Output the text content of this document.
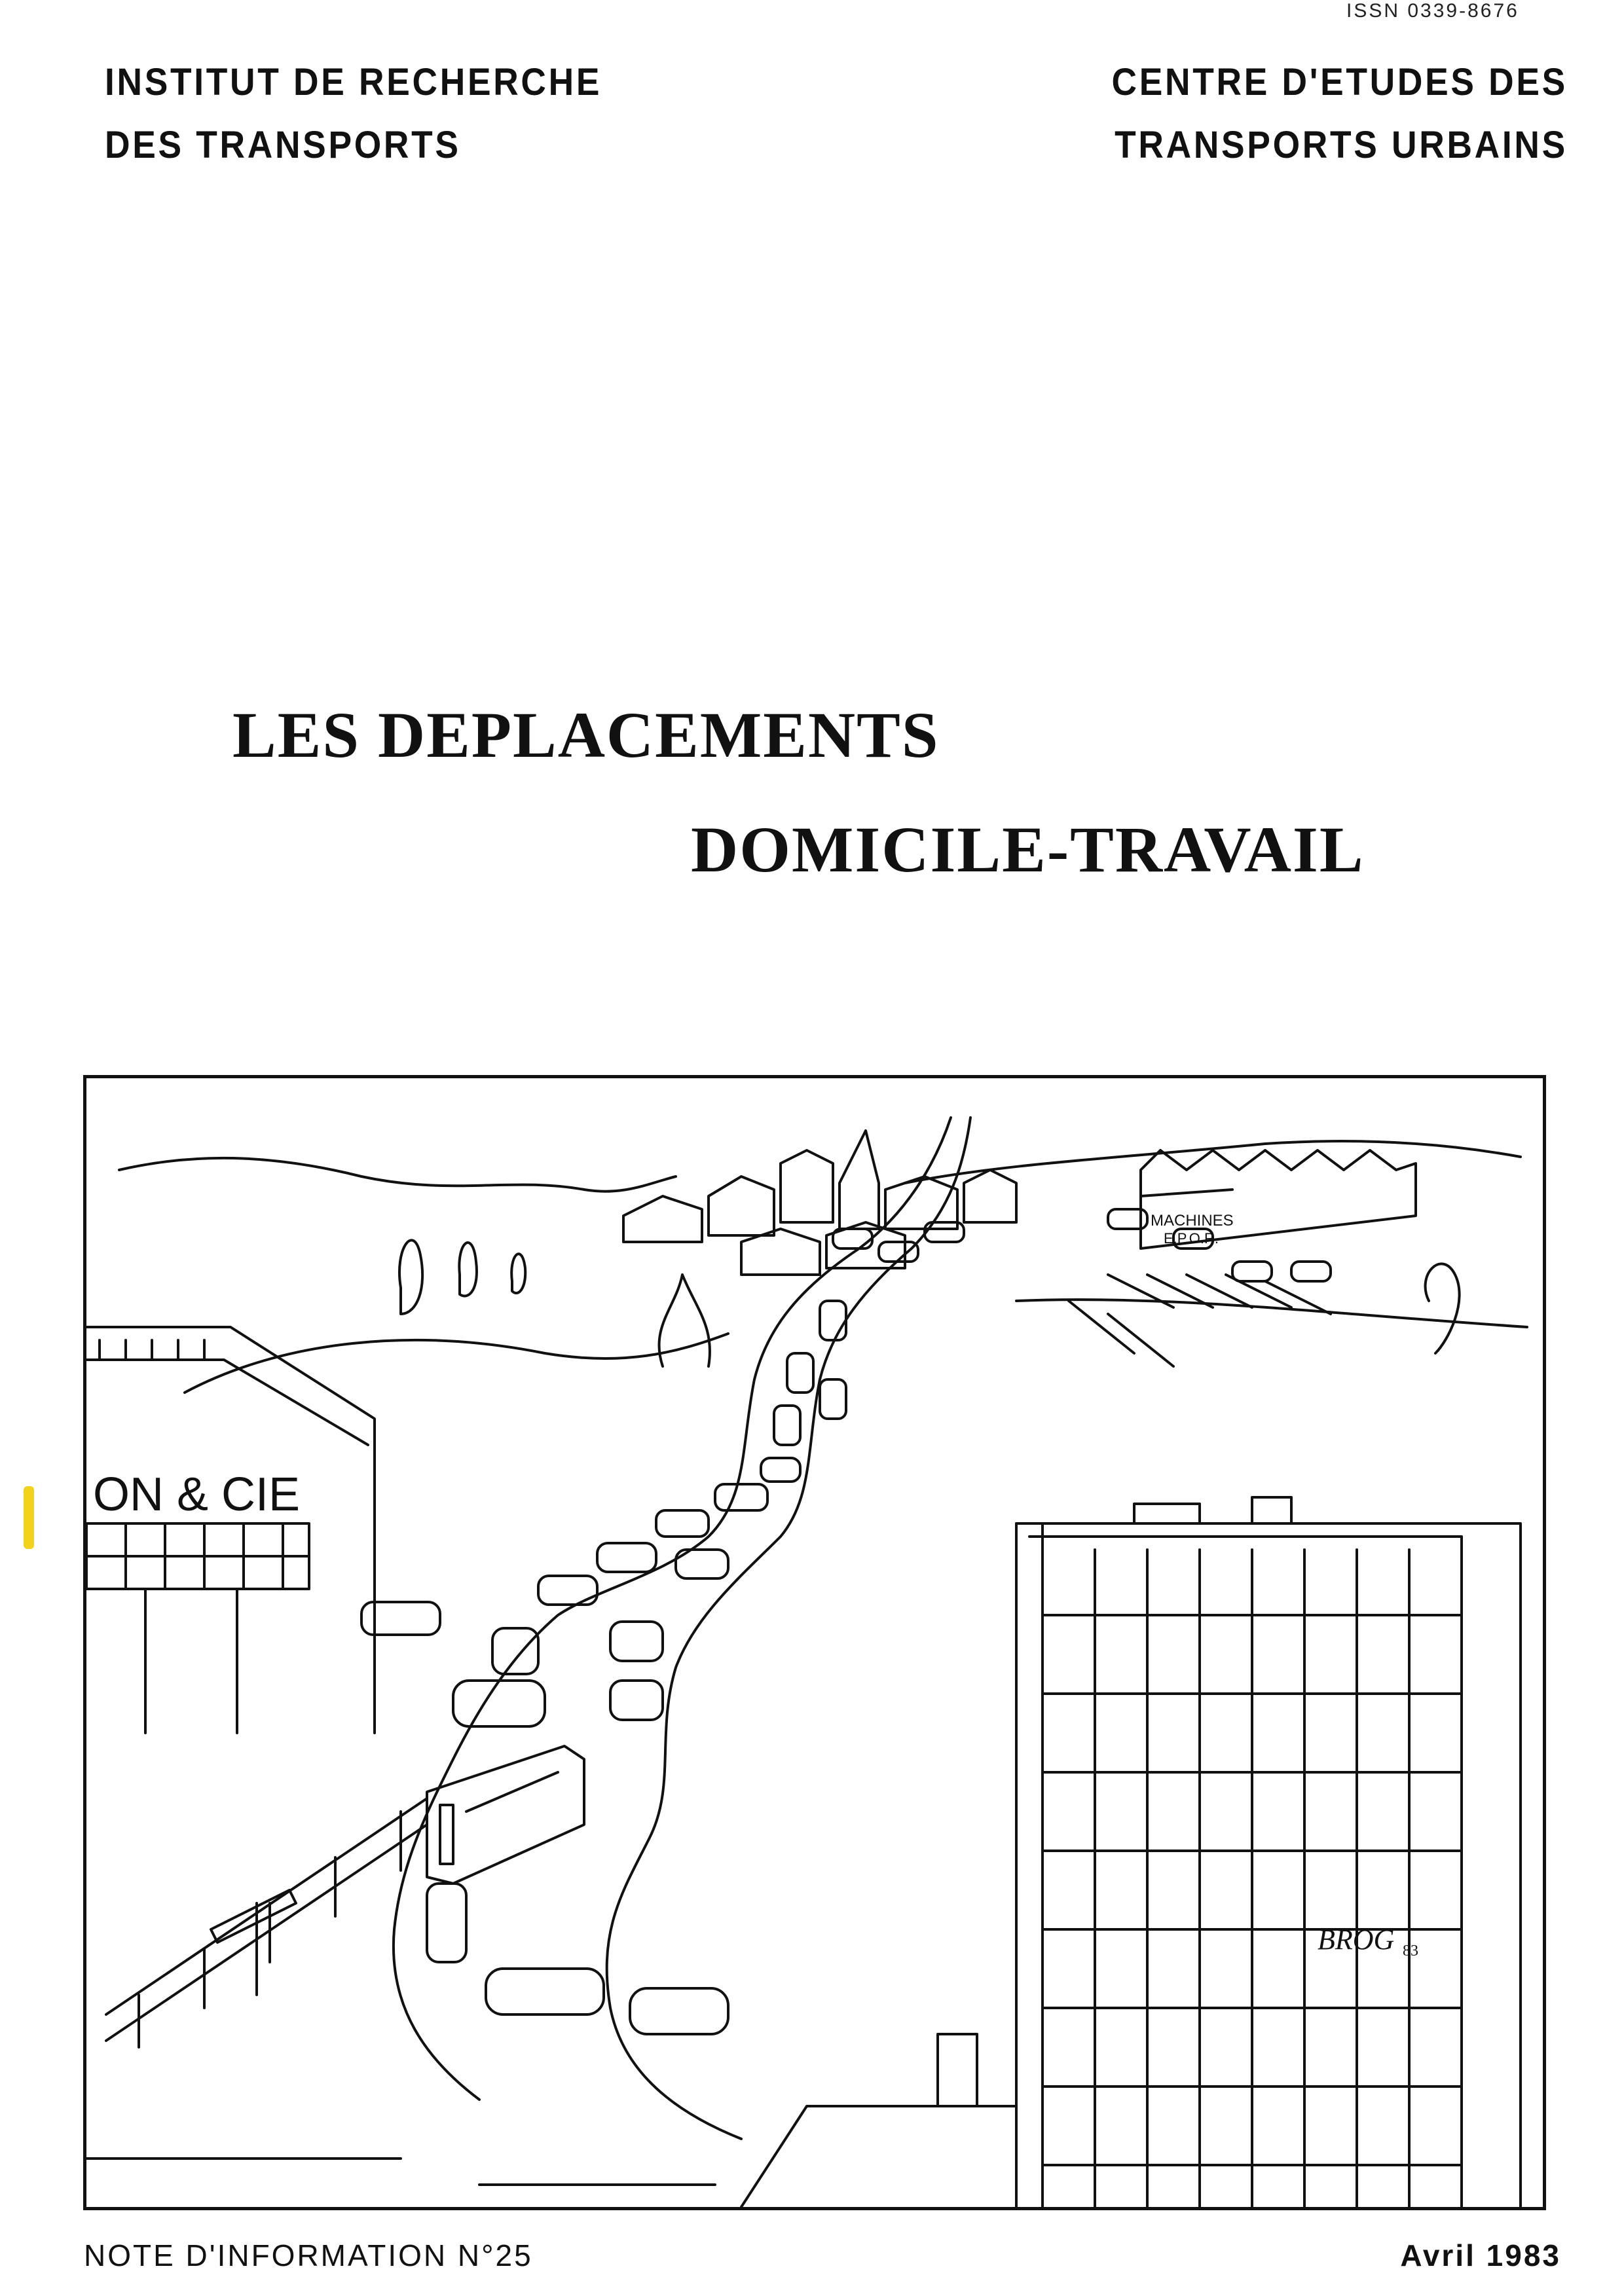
ISSN 0339-8676
INSTITUT DE RECHERCHE
DES TRANSPORTS
CENTRE D'ETUDES DES
TRANSPORTS URBAINS
LES DEPLACEMENTS
DOMICILE-TRAVAIL
MACHINES
E.P.O.R.
ON & CIE
BROG 83
NOTE D'INFORMATION N°25	Avril 1983
